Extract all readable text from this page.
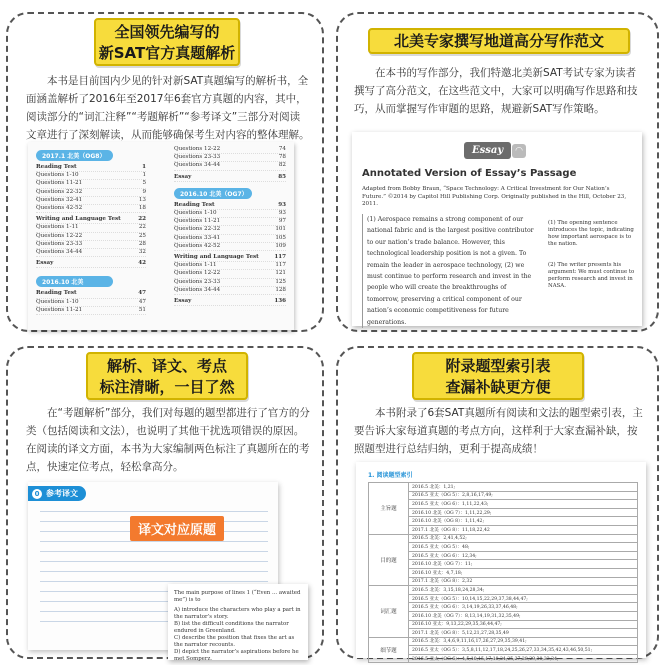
全国领先编写的
新SAT官方真题解析
本书是目前国内少见的针对新SAT真题编写的解析书，全面涵盖解析了2016年至2017年6套官方真题的内容，其中，阅读部分的“词汇注释”“考题解析”“参考译文”三部分对阅读文章进行了深刻解读，从而能够确保考生对内容的整体理解。
2017.1 北美（OG8）
Reading Test	1
Questions 1-10	1
Questions 11-21	5
Questions 22-32	9
Questions 32-41	13
Questions 42-52	18
Writing and Language Test	22
Questions 1-11	22
Questions 12-22	25
Questions 23-33	28
Questions 34-44	32
Essay	42
2016.10 北美
Reading Test	47
Questions 1-10	47
Questions 11-21	51
Questions 12-22	74
Questions 23-33	78
Questions 34-44	82
Essay	85
2016.10 北美（OG7）
Reading Test	93
Questions 1-10	93
Questions 11-21	97
Questions 22-32	101
Questions 33-41	105
Questions 42-52	109
Writing and Language Test	117
Questions 1-11	117
Questions 12-22	121
Questions 23-33	125
Questions 34-44	128
Essay	136
北美专家撰写地道高分写作范文
在本书的写作部分，我们特邀北美新SAT考试专家为读者撰写了高分范文，在这些范文中，大家可以明确写作思路和技巧，从而掌握写作审题的思路，规避新SAT写作策略。
Essay	◠
Annotated Version of Essay’s Passage
Adapted from Bobby Braun, “Space Technology: A Critical Investment for Our Nation’s Future.” ©2014 by Capitol Hill Publishing Corp. Originally published in the Hill, October 23, 2011.
(1) Aerospace remains a strong component of our national fabric and is the largest positive contributor to our nation’s trade balance. However, this technological leadership position is not a given. To remain the leader in aerospace technology, (2) we must continue to perform research and invest in the people who will create the breakthroughs of tomorrow, preserving a critical component of our nation’s economic competitiveness for future generations.
(1) The opening sentence introduces the topic, indicating how important aerospace is to the nation.
(2) The writer presents his argument: We must continue to perform research and invest in NASA.
解析、译文、考点
标注清晰，一目了然
在“考题解析”部分，我们对每题的题型都进行了官方的分类（包括阅读和文法），也说明了其他干扰选项错误的原因。在阅读的译文方面，本书为大家编制两色标注了真题所在的考点，快速定位考点，轻松拿高分。
0 参考译文
译文对应原题
The main purpose of lines 1 (“Even ... awaited me”) is to
A) introduce the characters who play a part in the narrator’s story.
B) list the difficult conditions the narrator endured in Greenland.
C) describe the position that fixes the art as the narrator recounts.
D) depict the narrator’s aspirations before he met Somperz.
附录题型索引表
查漏补缺更方便
本书附录了6套SAT真题所有阅读和文法的题型索引表，主要告诉大家每道真题的考点方向，这样利于大家查漏补缺，按照题型进行总结归纳，更利于提高成绩！
1. 阅读题型索引
主旨题	2016.5 北美：1,21;
	2016.5 亚太（OG 5）：2,8,16,17,49;
	2016.5 亚太（OG 6）：1,11,22,43;
	2016.10 北美（OG 7）：1,11,22,29;
	2016.10 北美（OG 8）：1,11,42;
	2017.1 北美（OG 8）：11,18,22,42
目的题	2016.5 北美：2,41,4,52;
	2016.5 亚太（OG 5）：48;
	2016.5 亚太（OG 6）：12,34;
	2016.10 北美（OG 7）：11;
	2016.10 亚太：4,7,18;
	2017.1 北美（OG 8）：2,32
词汇题	2016.5 北美：3,15,18,24,28,34;
	2016.5 亚太（OG 5）：10,14,15,22,29,37,38,44,47;
	2016.5 亚太（OG 6）：3,14,19,26,33,37,46,48;
	2016.10 北美（OG 7）：8,13,14,19,31,32,35,49;
	2016.10 亚太：9,13,22,29,35,36,44,47;
	2017.1 北美（OG 8）：5,12,21,27,28,35,49
细节题	2016.5 北美：3,4,6,9,11,16,17,26,27,29,35,39,41;
	2016.5 亚太（OG 5）：3,5,8,11,12,17,18,24,25,26,27,33,34,35,42,43,46,50,51;
	2016.5 亚太（OG 6）：4,5,10,15,17,18,24,25,27,28,29,30,33,34;
